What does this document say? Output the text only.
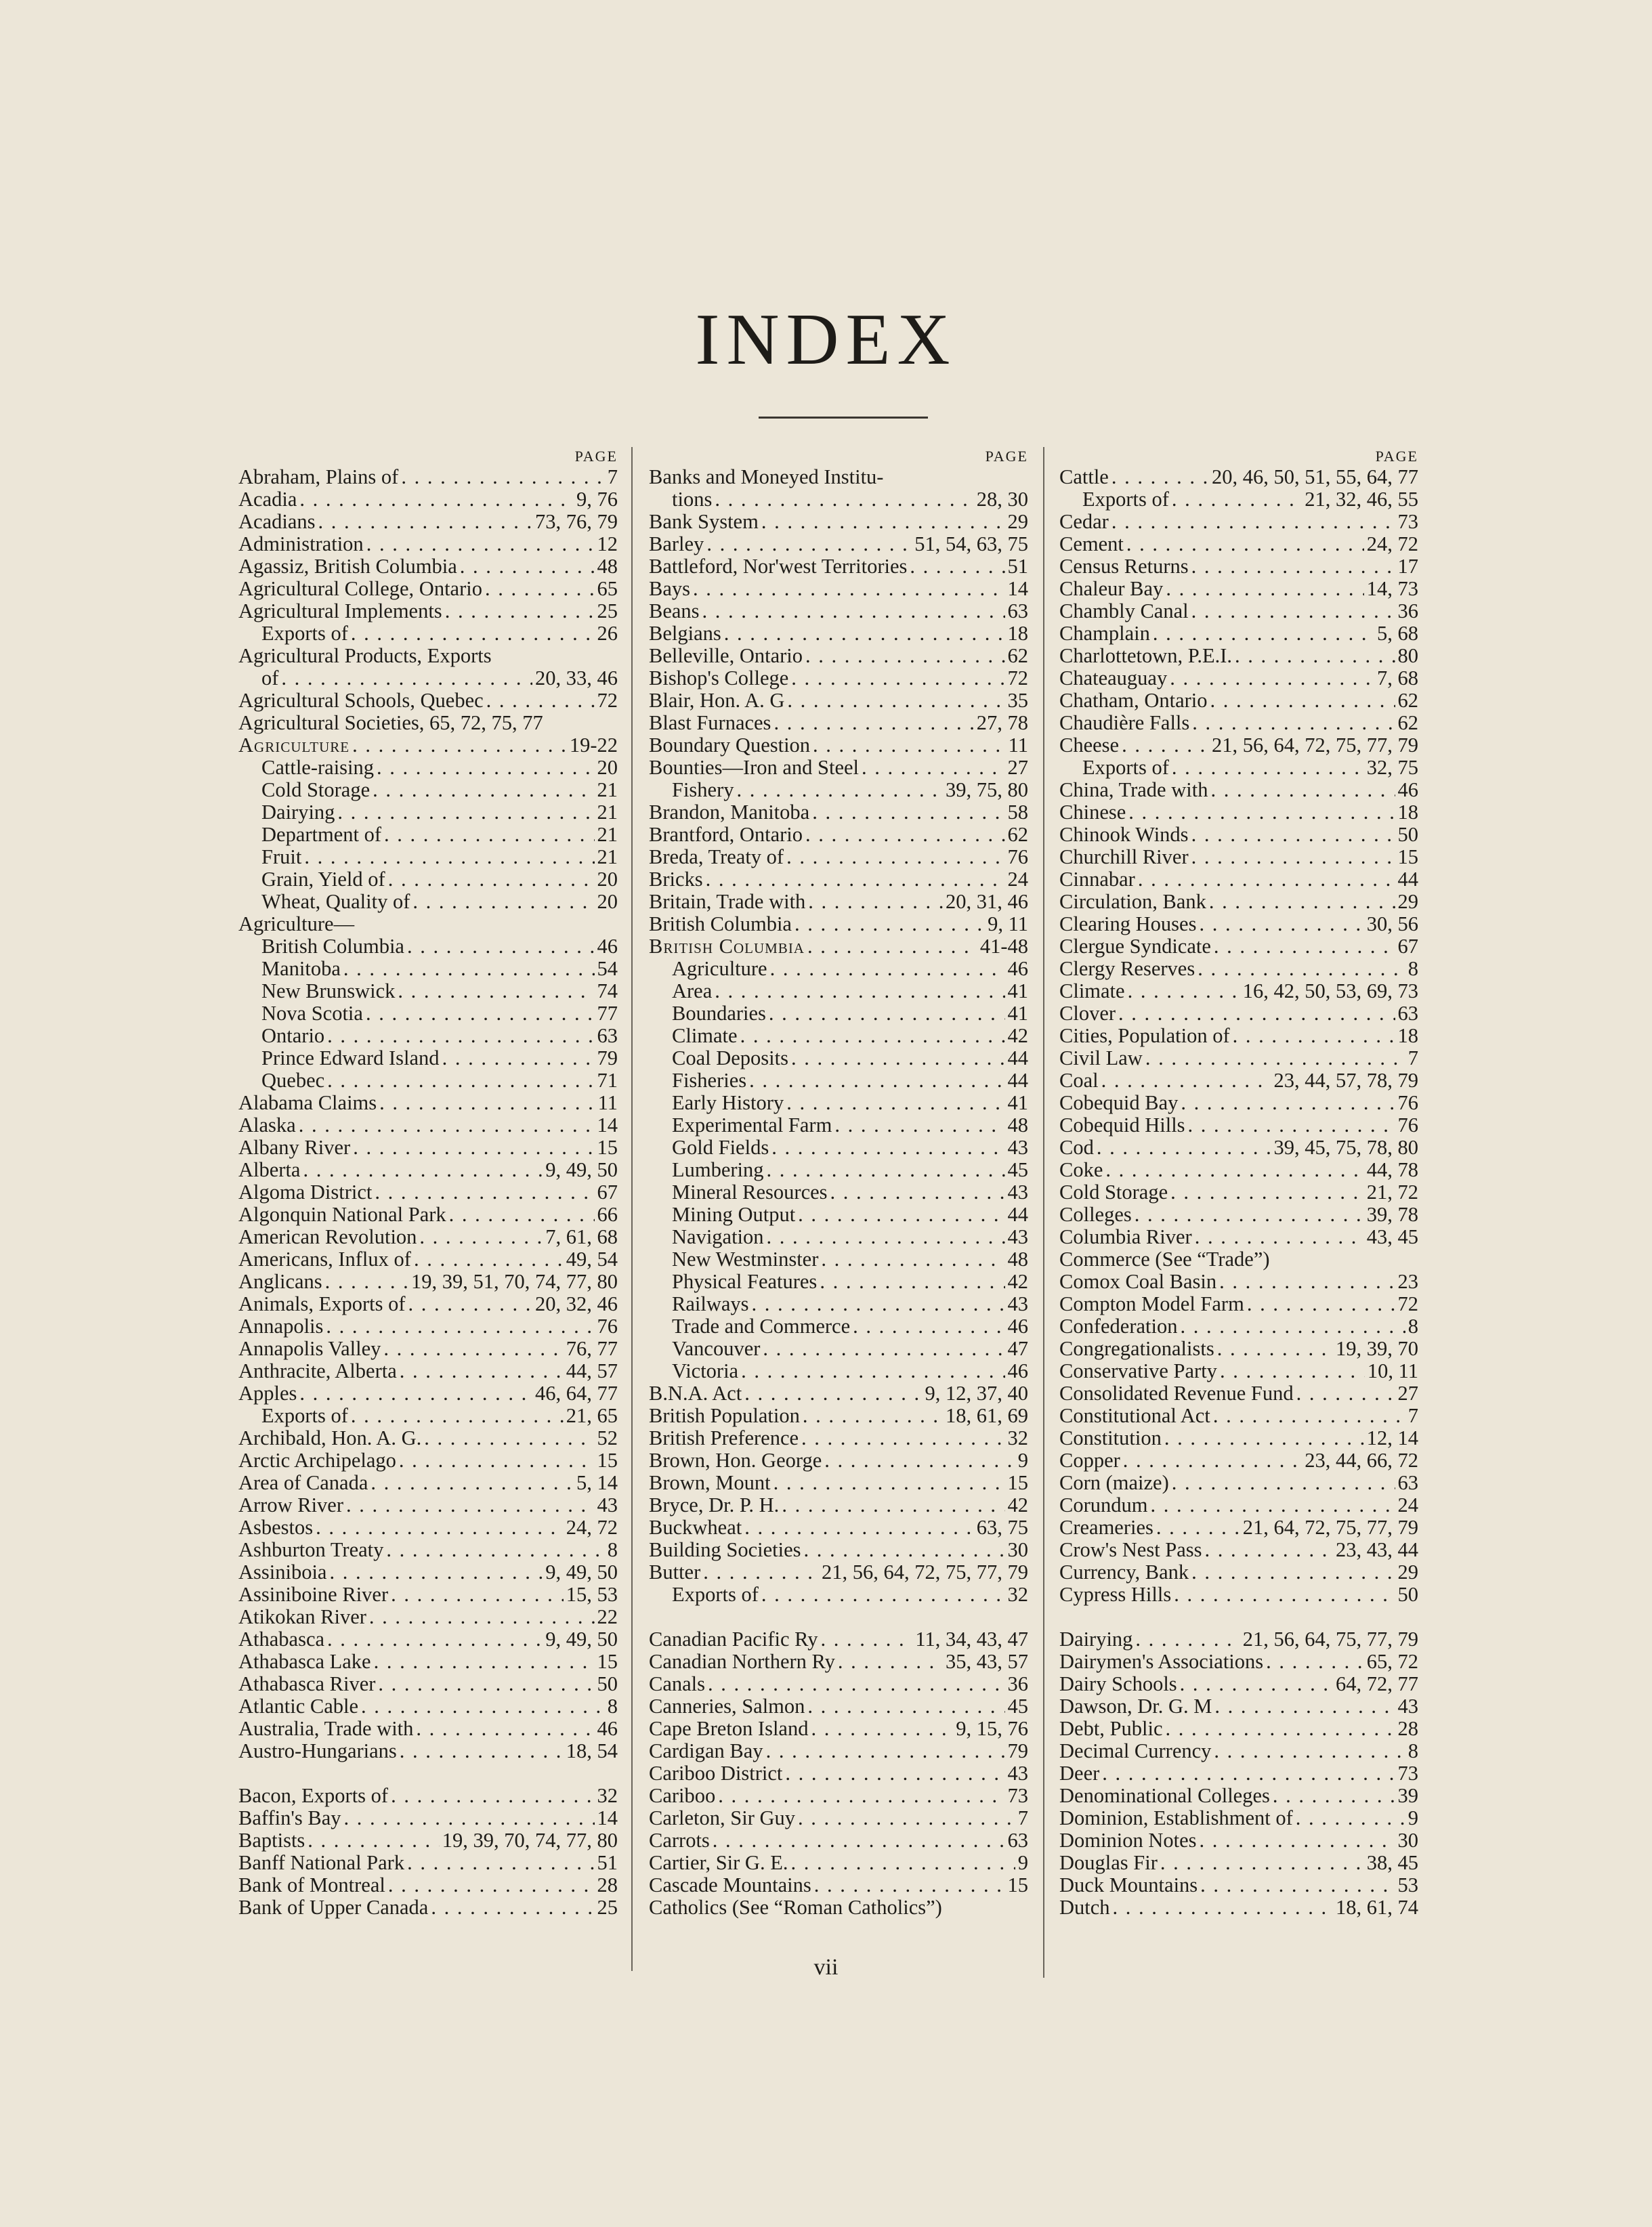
INDEX
PAGE
Abraham, Plains of . . .	7
Acadia . . .	9, 76
Acadians . . .	73, 76, 79
Administration . . .	12
Agassiz, British Columbia . . .	48
Agricultural College, Ontario . . .	65
Agricultural Implements . . .	25
Exports of . . .	26
Agricultural Products, Exports
of . . .	20, 33, 46
Agricultural Schools, Quebec . . .	72
Agricultural Societies, 65, 72, 75, 77
Agriculture . . .	19-22
Cattle-raising . . .	20
Cold Storage . . .	21
Dairying . . .	21
Department of . . .	21
Fruit . . .	21
Grain, Yield of . . .	20
Wheat, Quality of . . .	20
Agriculture—
British Columbia . . .	46
Manitoba . . .	54
New Brunswick . . .	74
Nova Scotia . . .	77
Ontario . . .	63
Prince Edward Island . . .	79
Quebec . . .	71
Alabama Claims . . .	11
Alaska . . .	14
Albany River . . .	15
Alberta . . .	9, 49, 50
Algoma District . . .	67
Algonquin National Park . . .	66
American Revolution . . .	7, 61, 68
Americans, Influx of . . .	49, 54
Anglicans . . .	19, 39, 51, 70, 74, 77, 80
Animals, Exports of . . .	20, 32, 46
Annapolis . . .	76
Annapolis Valley . . .	76, 77
Anthracite, Alberta . . .	44, 57
Apples . . .	46, 64, 77
Exports of . . .	21, 65
Archibald, Hon. A. G. . . .	52
Arctic Archipelago . . .	15
Area of Canada . . .	5, 14
Arrow River . . .	43
Asbestos . . .	24, 72
Ashburton Treaty . . .	8
Assiniboia . . .	9, 49, 50
Assiniboine River . . .	15, 53
Atikokan River . . .	22
Athabasca . . .	9, 49, 50
Athabasca Lake . . .	15
Athabasca River . . .	50
Atlantic Cable . . .	8
Australia, Trade with . . .	46
Austro-Hungarians . . .	18, 54
Bacon, Exports of . . .	32
Baffin's Bay . . .	14
Baptists . . .	19, 39, 70, 74, 77, 80
Banff National Park . . .	51
Bank of Montreal . . .	28
Bank of Upper Canada . . .	25
PAGE
Banks and Moneyed Institu-
tions . . .	28, 30
Bank System . . .	29
Barley . . .	51, 54, 63, 75
Battleford, Nor'west Territories . . .	51
Bays . . .	14
Beans . . .	63
Belgians . . .	18
Belleville, Ontario . . .	62
Bishop's College . . .	72
Blair, Hon. A. G . . .	35
Blast Furnaces . . .	27, 78
Boundary Question . . .	11
Bounties—Iron and Steel . . .	27
Fishery . . .	39, 75, 80
Brandon, Manitoba . . .	58
Brantford, Ontario . . .	62
Breda, Treaty of . . .	76
Bricks . . .	24
Britain, Trade with . . .	20, 31, 46
British Columbia . . .	9, 11
British Columbia . . .	41-48
Agriculture . . .	46
Area . . .	41
Boundaries . . .	41
Climate . . .	42
Coal Deposits . . .	44
Fisheries . . .	44
Early History . . .	41
Experimental Farm . . .	48
Gold Fields . . .	43
Lumbering . . .	45
Mineral Resources . . .	43
Mining Output . . .	44
Navigation . . .	43
New Westminster . . .	48
Physical Features . . .	42
Railways . . .	43
Trade and Commerce . . .	46
Vancouver . . .	47
Victoria . . .	46
B.N.A. Act . . .	9, 12, 37, 40
British Population . . .	18, 61, 69
British Preference . . .	32
Brown, Hon. George . . .	9
Brown, Mount . . .	15
Bryce, Dr. P. H. . . .	42
Buckwheat . . .	63, 75
Building Societies . . .	30
Butter . . .	21, 56, 64, 72, 75, 77, 79
Exports of . . .	32
Canadian Pacific Ry . . .	11, 34, 43, 47
Canadian Northern Ry . . .	35, 43, 57
Canals . . .	36
Canneries, Salmon . . .	45
Cape Breton Island . . .	9, 15, 76
Cardigan Bay . . .	79
Cariboo District . . .	43
Cariboo . . .	73
Carleton, Sir Guy . . .	7
Carrots . . .	63
Cartier, Sir G. E. . . .	9
Cascade Mountains . . .	15
Catholics (See “Roman Catholics”)
PAGE
Cattle . . .	20, 46, 50, 51, 55, 64, 77
Exports of . . .	21, 32, 46, 55
Cedar . . .	73
Cement . . .	24, 72
Census Returns . . .	17
Chaleur Bay . . .	14, 73
Chambly Canal . . .	36
Champlain . . .	5, 68
Charlottetown, P.E.I. . . .	80
Chateauguay . . .	7, 68
Chatham, Ontario . . .	62
Chaudière Falls . . .	62
Cheese . . .	21, 56, 64, 72, 75, 77, 79
Exports of . . .	32, 75
China, Trade with . . .	46
Chinese . . .	18
Chinook Winds . . .	50
Churchill River . . .	15
Cinnabar . . .	44
Circulation, Bank . . .	29
Clearing Houses . . .	30, 56
Clergue Syndicate . . .	67
Clergy Reserves . . .	8
Climate . . .	16, 42, 50, 53, 69, 73
Clover . . .	63
Cities, Population of . . .	18
Civil Law . . .	7
Coal . . .	23, 44, 57, 78, 79
Cobequid Bay . . .	76
Cobequid Hills . . .	76
Cod . . .	39, 45, 75, 78, 80
Coke . . .	44, 78
Cold Storage . . .	21, 72
Colleges . . .	39, 78
Columbia River . . .	43, 45
Commerce (See “Trade”)
Comox Coal Basin . . .	23
Compton Model Farm . . .	72
Confederation . . .	8
Congregationalists . . .	19, 39, 70
Conservative Party . . .	10, 11
Consolidated Revenue Fund . . .	27
Constitutional Act . . .	7
Constitution . . .	12, 14
Copper . . .	23, 44, 66, 72
Corn (maize) . . .	63
Corundum . . .	24
Creameries . . .	21, 64, 72, 75, 77, 79
Crow's Nest Pass . . .	23, 43, 44
Currency, Bank . . .	29
Cypress Hills . . .	50
Dairying . . .	21, 56, 64, 75, 77, 79
Dairymen's Associations . . .	65, 72
Dairy Schools . . .	64, 72, 77
Dawson, Dr. G. M . . .	43
Debt, Public . . .	28
Decimal Currency . . .	8
Deer . . .	73
Denominational Colleges . . .	39
Dominion, Establishment of . . .	9
Dominion Notes . . .	30
Douglas Fir . . .	38, 45
Duck Mountains . . .	53
Dutch . . .	18, 61, 74
vii
